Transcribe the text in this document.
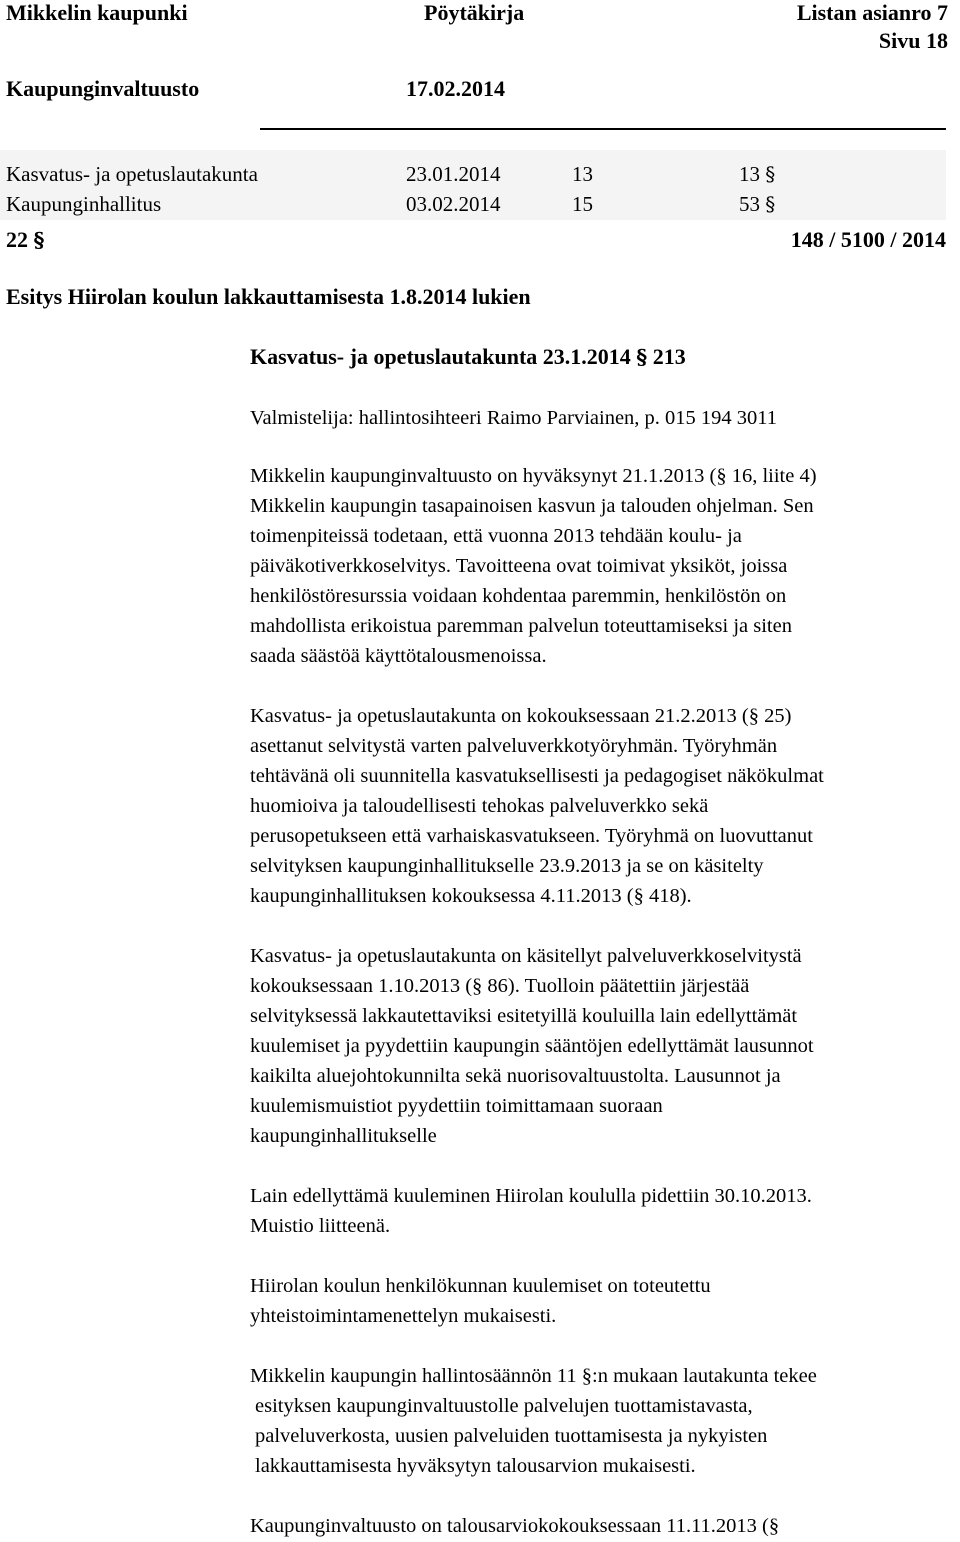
Mikkelin kaupunki	Pöytäkirja	Listan asianro 7
Sivu 18
Kaupunginvaltuusto	17.02.2014
Kasvatus- ja opetuslautakunta	23.01.2014	13	13 §
Kaupunginhallitus	03.02.2014	15	53 §
22 §	148 / 5100 / 2014
Esitys Hiirolan koulun lakkauttamisesta 1.8.2014 lukien
Kasvatus- ja opetuslautakunta 23.1.2014 § 213
Valmistelija: hallintosihteeri Raimo Parviainen, p. 015 194 3011
Mikkelin kaupunginvaltuusto on hyväksynyt 21.1.2013 (§ 16, liite 4)
Mikkelin kaupungin tasapainoisen kasvun ja talouden ohjelman. Sen
toimenpiteissä todetaan, että vuonna 2013 tehdään koulu- ja
päiväkotiverkkoselvitys. Tavoitteena ovat toimivat yksiköt, joissa
henkilöstöresurssia voidaan kohdentaa paremmin, henkilöstön on
mahdollista erikoistua paremman palvelun toteuttamiseksi ja siten
saada säästöä käyttötalousmenoissa.
Kasvatus- ja opetuslautakunta on kokouksessaan 21.2.2013 (§ 25)
asettanut selvitystä varten palveluverkkotyöryhmän. Työryhmän
tehtävänä oli suunnitella kasvatuksellisesti ja pedagogiset näkökulmat
huomioiva ja taloudellisesti tehokas palveluverkko sekä
perusopetukseen että varhaiskasvatukseen. Työryhmä on luovuttanut
selvityksen kaupunginhallitukselle 23.9.2013 ja se on käsitelty
kaupunginhallituksen kokouksessa 4.11.2013 (§ 418).
Kasvatus- ja opetuslautakunta on käsitellyt palveluverkkoselvitystä
kokouksessaan 1.10.2013 (§ 86). Tuolloin päätettiin järjestää
selvityksessä lakkautettaviksi esitetyillä kouluilla lain edellyttämät
kuulemiset ja pyydettiin kaupungin sääntöjen edellyttämät lausunnot
kaikilta aluejohtokunnilta sekä nuorisovaltuustolta. Lausunnot ja
kuulemismuistiot pyydettiin toimittamaan suoraan
kaupunginhallitukselle
Lain edellyttämä kuuleminen Hiirolan koululla pidettiin 30.10.2013.
Muistio liitteenä.
Hiirolan koulun henkilökunnan kuulemiset on toteutettu
yhteistoimintamenettelyn mukaisesti.
Mikkelin kaupungin hallintosäännön 11 §:n mukaan lautakunta tekee
esityksen kaupunginvaltuustolle palvelujen tuottamistavasta,
palveluverkosta, uusien palveluiden tuottamisesta ja nykyisten
lakkauttamisesta hyväksytyn talousarvion mukaisesti.
Kaupunginvaltuusto on talousarviokokouksessaan 11.11.2013 (§
